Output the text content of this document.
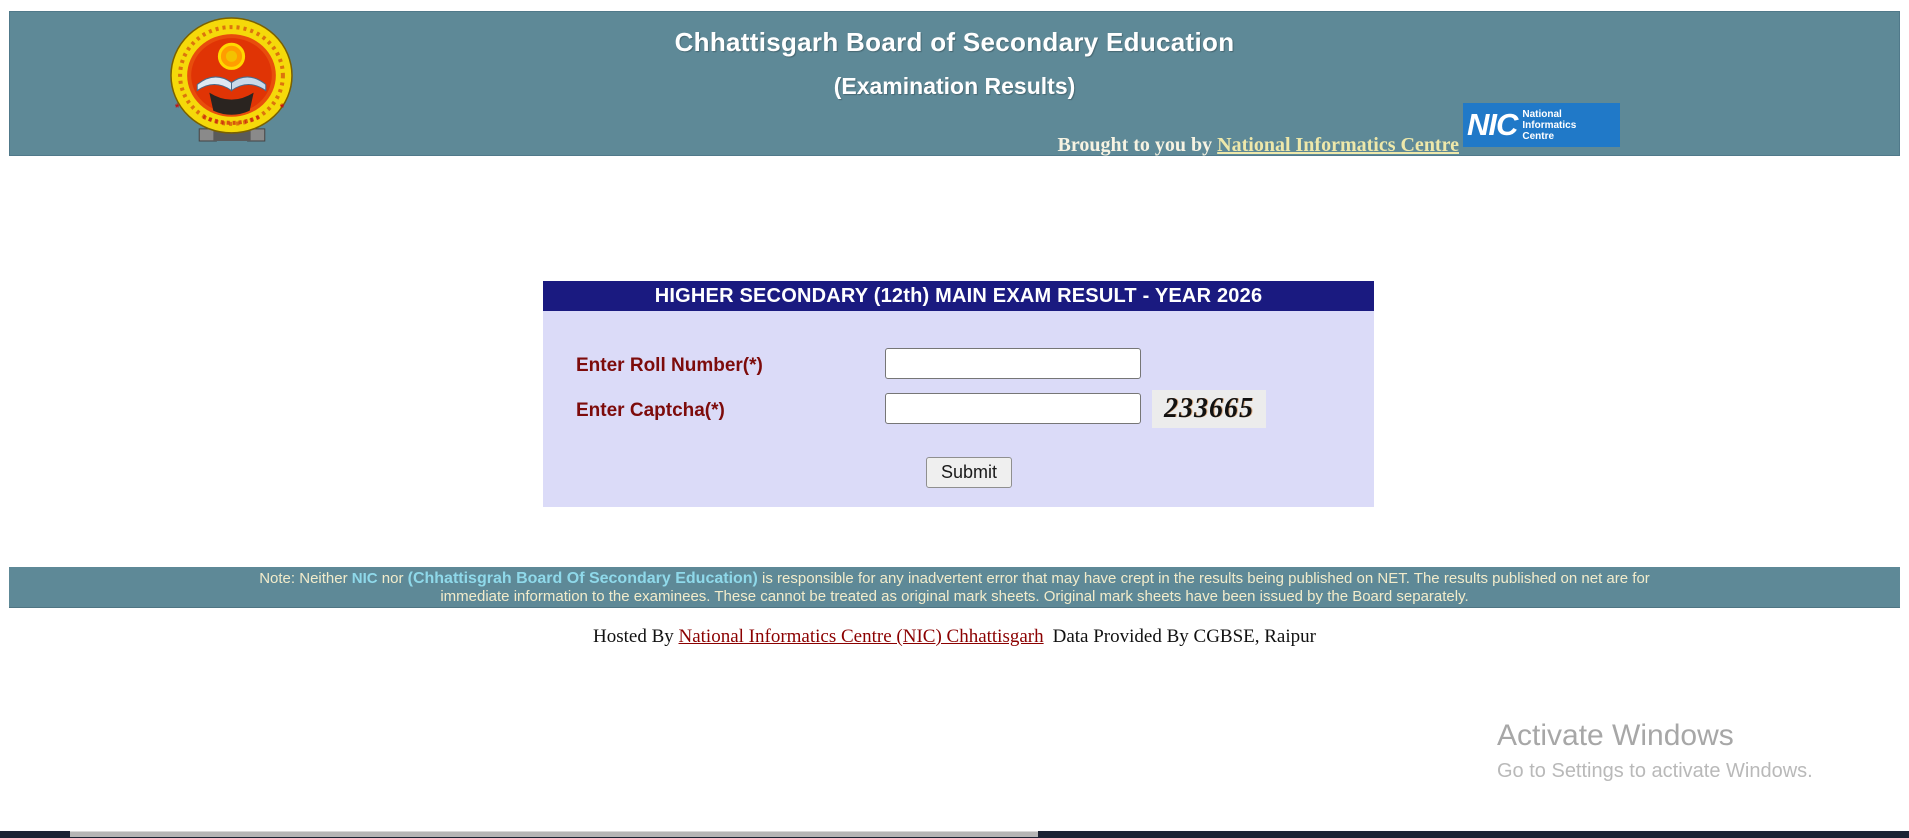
*	*
Chhattisgarh Board of Secondary Education
(Examination Results)
Brought to you by National Informatics Centre
NIC National
Informatics
Centre
HIGHER SECONDARY (12th) MAIN EXAM RESULT - YEAR 2026
Enter Roll Number(*)
Enter Captcha(*)	233665
Submit
Note: Neither NIC nor (Chhattisgrah Board Of Secondary Education) is responsible for any inadvertent error that may have crept in the results being published on NET. The results published on net are for
immediate information to the examinees. These cannot be treated as original mark sheets. Original mark sheets have been issued by the Board separately.
Hosted By National Informatics Centre (NIC) Chhattisgarh Data Provided By CGBSE, Raipur
Activate Windows
Go to Settings to activate Windows.
